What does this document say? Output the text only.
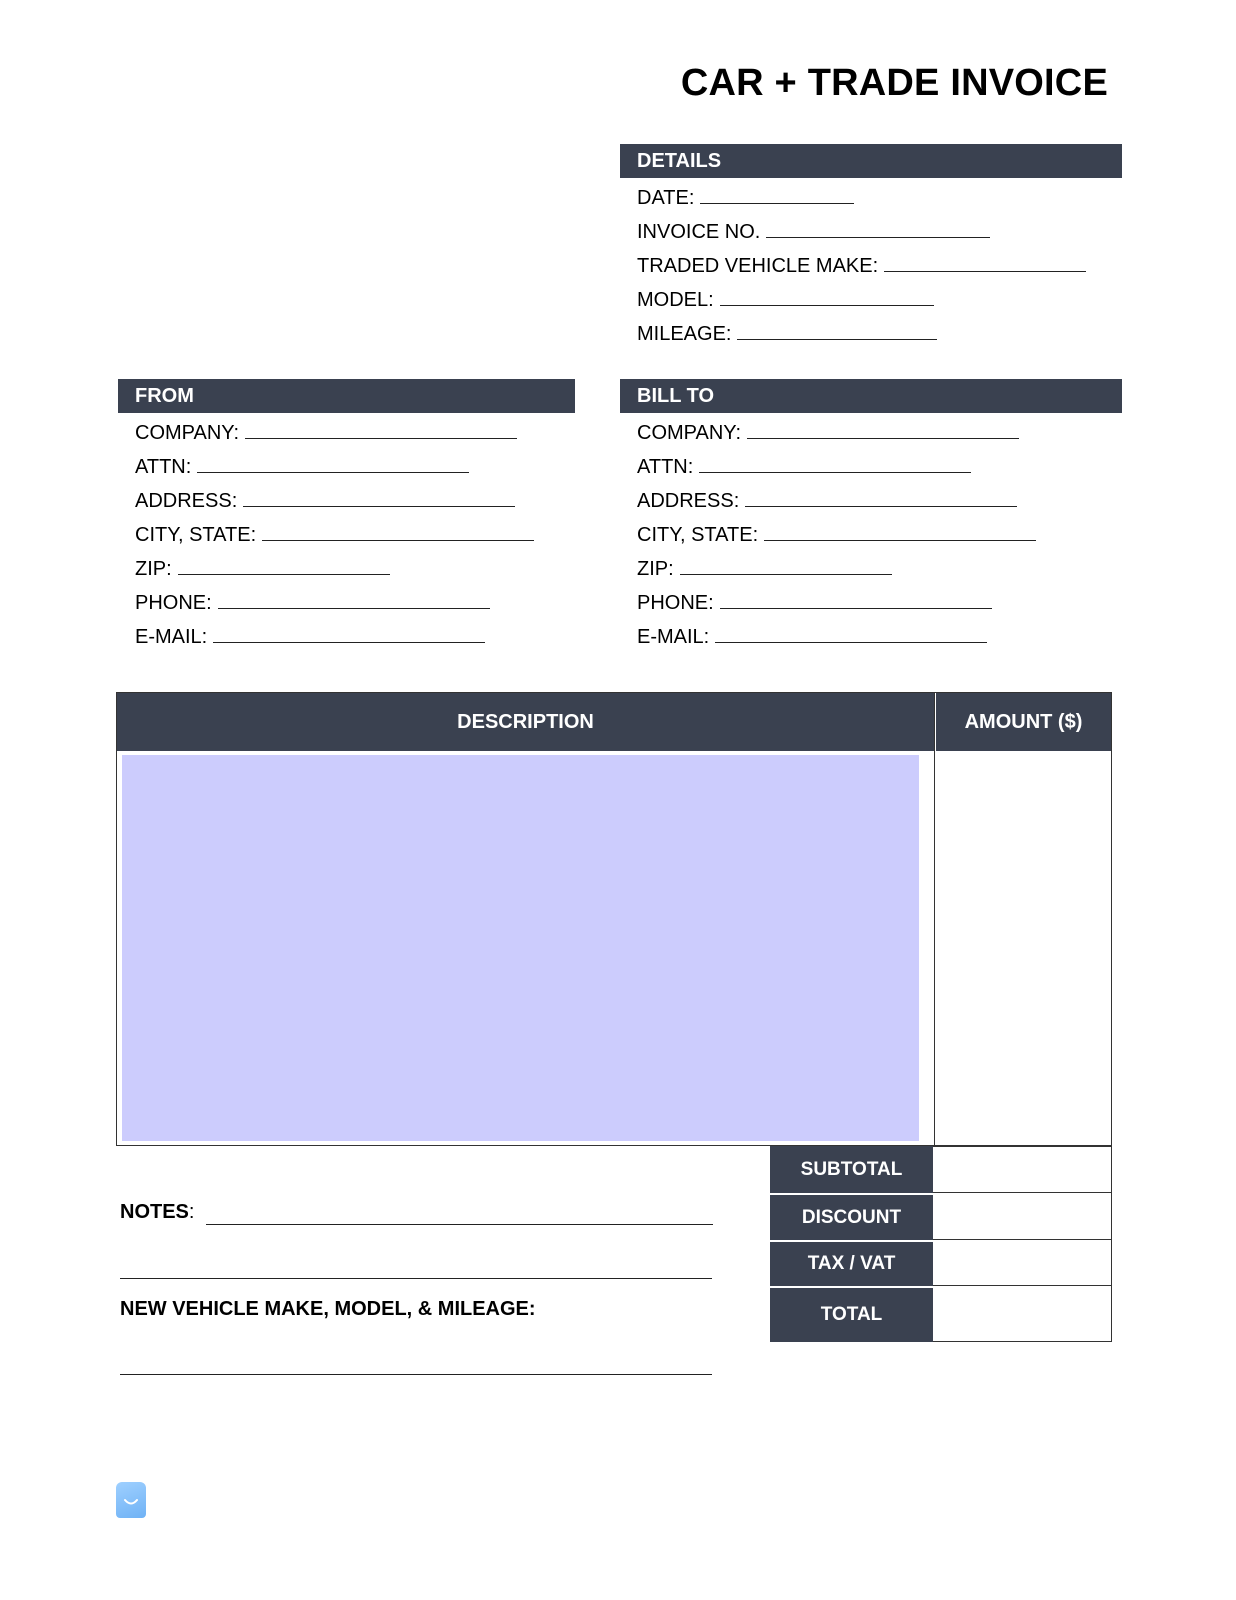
CAR + TRADE INVOICE
DETAILS
DATE:
INVOICE NO.
TRADED VEHICLE MAKE:
MODEL:
MILEAGE:
FROM
COMPANY:
ATTN:
ADDRESS:
CITY, STATE:
ZIP:
PHONE:
E-MAIL:
BILL TO
COMPANY:
ATTN:
ADDRESS:
CITY, STATE:
ZIP:
PHONE:
E-MAIL:
DESCRIPTION	AMOUNT ($)
SUBTOTAL
DISCOUNT
TAX / VAT
TOTAL
NOTES:
NEW VEHICLE MAKE, MODEL, & MILEAGE:
